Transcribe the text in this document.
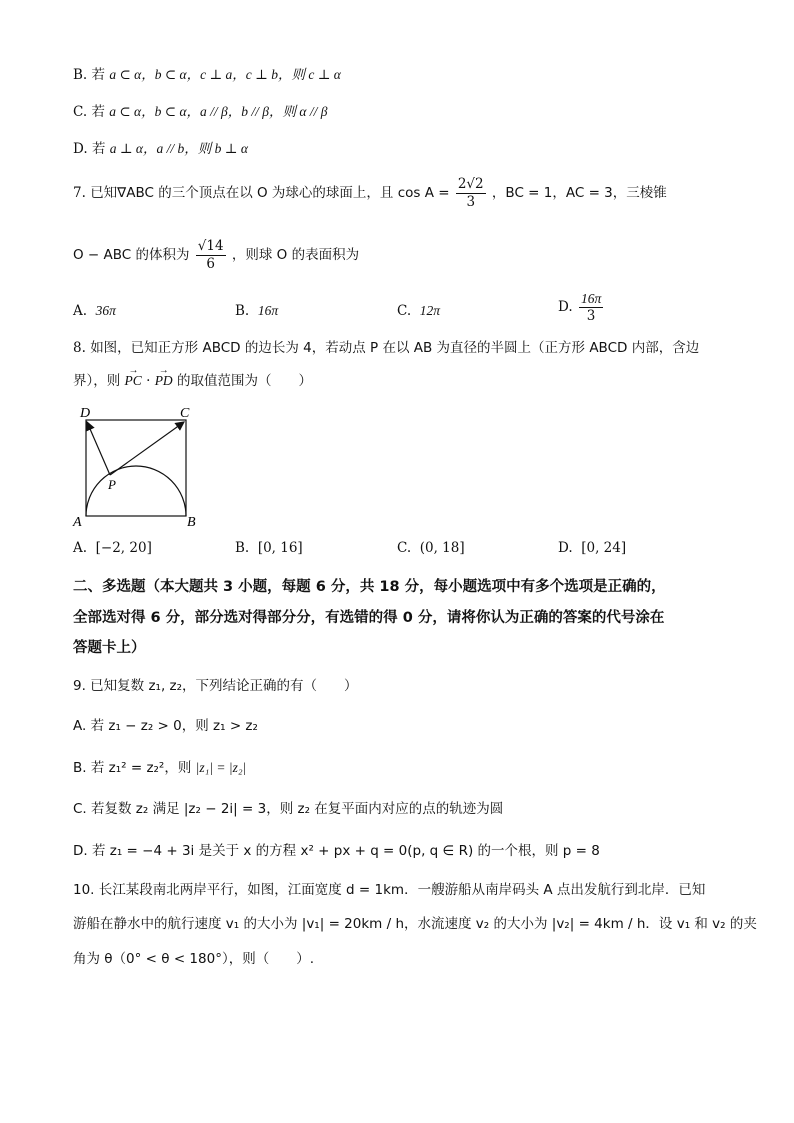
B. 若 a ⊂ α，b ⊂ α，c ⊥ a，c ⊥ b，则 c ⊥ α
C. 若 a ⊂ α，b ⊂ α，a // β，b // β，则 α // β
D. 若 a ⊥ α，a // b，则 b ⊥ α
7. 已知∇ABC 的三个顶点在以 O 为球心的球面上，且 $\cos A = \frac{2√2}{3}$ ，BC = 1，AC = 3，三棱锥
O − ABC 的体积为 $\frac{√14}{6}$ ，则球 O 的表面积为
A. 36π	B. 16π	C. 12π	D. $\frac{16\pi}{3}$
8. 如图，已知正方形 ABCD 的边长为 4，若动点 P 在以 AB 为直径的半圆上（正方形 ABCD 内部，含边
界），则 → PC · → PD 的取值范围为（　　）
D	C
A	B
P
A. [−2, 20]	B. [0, 16]	C. (0, 18]	D. [0, 24]
二、多选题（本大题共 3 小题，每题 6 分，共 18 分，每小题选项中有多个选项是正确的，
全部选对得 6 分，部分选对得部分分，有选错的得 0 分，请将你认为正确的答案的代号涂在
答题卡上）
9. 已知复数 z₁, z₂，下列结论正确的有（　　）
A. 若 z₁ − z₂ > 0，则 z₁ > z₂
B. 若 z₁² = z₂²，则 |z₁| = |z₂|
C. 若复数 z₂ 满足 |z₂ − 2i| = 3，则 z₂ 在复平面内对应的点的轨迹为圆
D. 若 z₁ = −4 + 3i 是关于 x 的方程 x² + px + q = 0(p, q ∈ R) 的一个根，则 p = 8
10. 长江某段南北两岸平行，如图，江面宽度 d = 1km．一艘游船从南岸码头 A 点出发航行到北岸．已知
游船在静水中的航行速度 v₁ 的大小为 |v₁| = 20km / h，水流速度 v₂ 的大小为 |v₂| = 4km / h．设 v₁ 和 v₂ 的夹
角为 θ（0° < θ < 180°），则（　　）.
